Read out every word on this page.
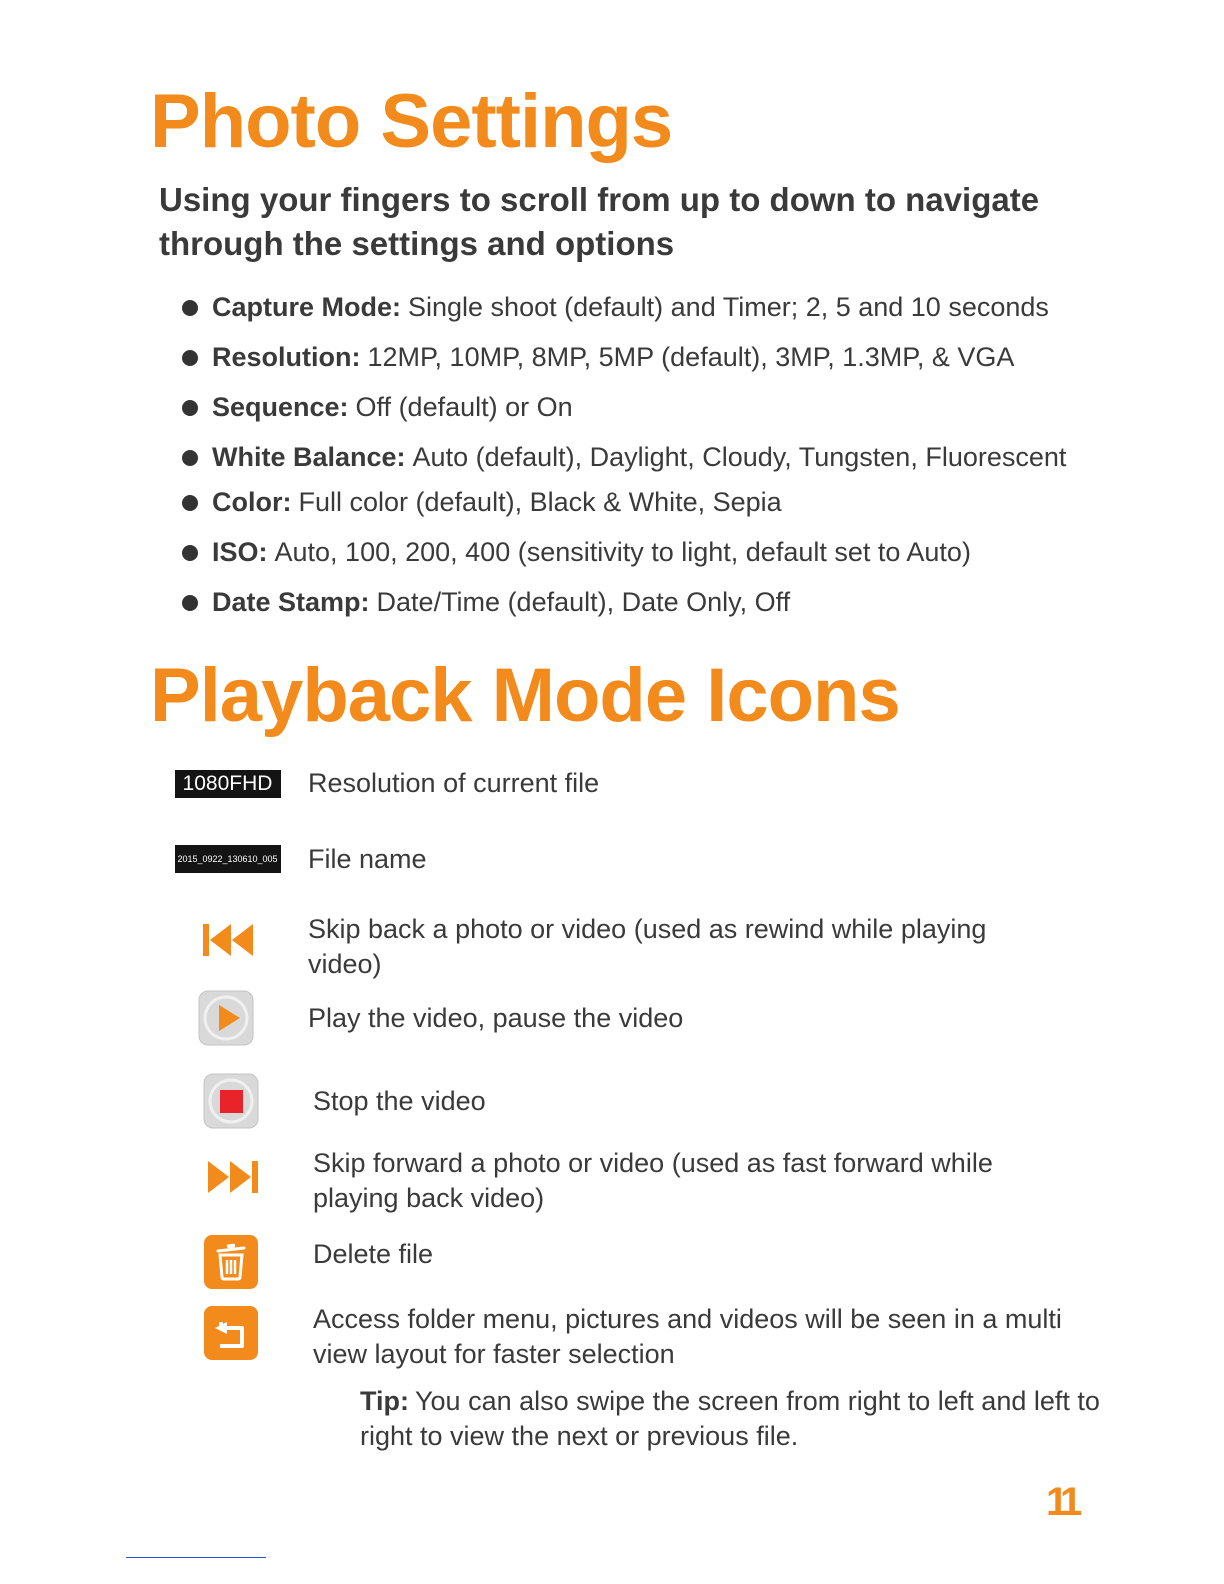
Photo Settings
Using your fingers to scroll from up to down to navigate through the settings and options
Capture Mode: Single shoot (default) and Timer; 2, 5 and 10 seconds
Resolution: 12MP, 10MP, 8MP, 5MP (default), 3MP, 1.3MP, & VGA
Sequence: Off (default) or On
White Balance: Auto (default), Daylight, Cloudy, Tungsten, Fluorescent
Color: Full color (default), Black & White, Sepia
ISO: Auto, 100, 200, 400 (sensitivity to light, default set to Auto)
Date Stamp: Date/Time (default), Date Only, Off
Playback Mode Icons
1080FHD Resolution of current file
2015_0922_130610_005 File name
Skip back a photo or video (used as rewind while playing video)
Play the video, pause the video
Stop the video
Skip forward a photo or video (used as fast forward while playing back video)
Delete file
Access folder menu, pictures and videos will be seen in a multi view layout for faster selection
Tip: You can also swipe the screen from right to left and left to right to view the next or previous file.
11
